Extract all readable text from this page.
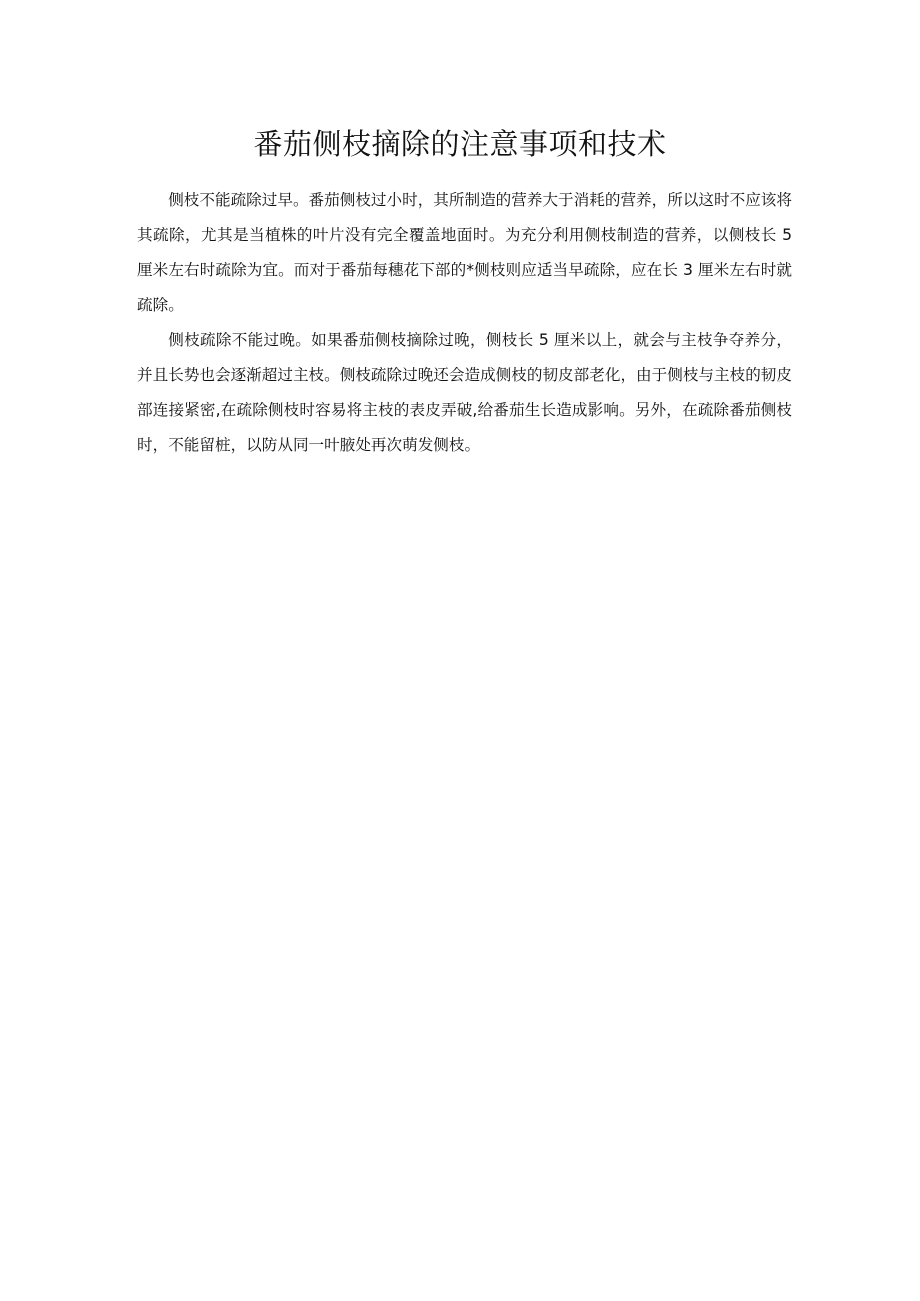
番茄侧枝摘除的注意事项和技术

侧枝不能疏除过早。番茄侧枝过小时，其所制造的营养大于消耗的营养，所以这时不应该将其疏除，尤其是当植株的叶片没有完全覆盖地面时。为充分利用侧枝制造的营养，以侧枝长 5 厘米左右时疏除为宜。而对于番茄每穗花下部的*侧枝则应适当早疏除，应在长 3 厘米左右时就疏除。

侧枝疏除不能过晚。如果番茄侧枝摘除过晚，侧枝长 5 厘米以上，就会与主枝争夺养分，并且长势也会逐渐超过主枝。侧枝疏除过晚还会造成侧枝的韧皮部老化，由于侧枝与主枝的韧皮部连接紧密,在疏除侧枝时容易将主枝的表皮弄破,给番茄生长造成影响。另外，在疏除番茄侧枝时，不能留桩，以防从同一叶腋处再次萌发侧枝。
